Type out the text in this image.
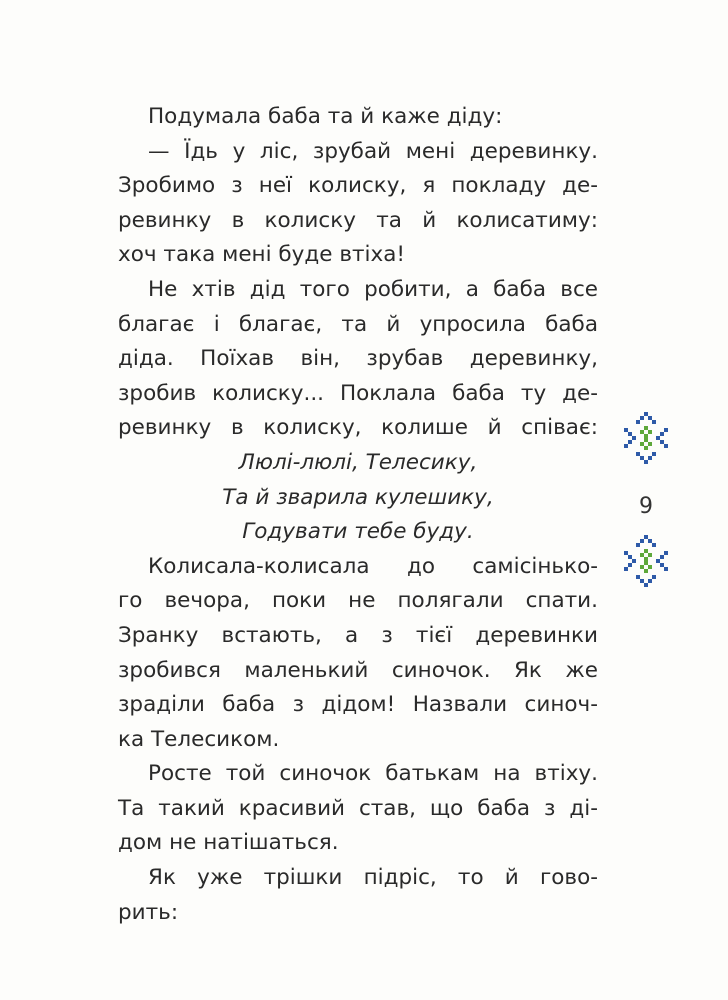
Подумала баба та й каже діду:
— Їдь у ліс, зрубай мені деревинку.
Зробимо з неї колиску, я покладу де-
ревинку в колиску та й колисатиму:
хоч така мені буде втіха!
Не хтів дід того робити, а баба все
благає і благає, та й упросила баба
діда. Поїхав він, зрубав деревинку,
зробив колиску... Поклала баба ту де-
ревинку в колиску, колише й співає:
Люлі-люлі, Телесику,
Та й зварила кулешику,
Годувати тебе буду.
Колисала-колисала до самісінько-
го вечора, поки не полягали спати.
Зранку встають, а з тієї деревинки
зробився маленький синочок. Як же
зраділи баба з дідом! Назвали синоч-
ка Телесиком.
Росте той синочок батькам на втіху.
Та такий красивий став, що баба з ді-
дом не натішаться.
Як уже трішки підріс, то й гово-
рить:
9
